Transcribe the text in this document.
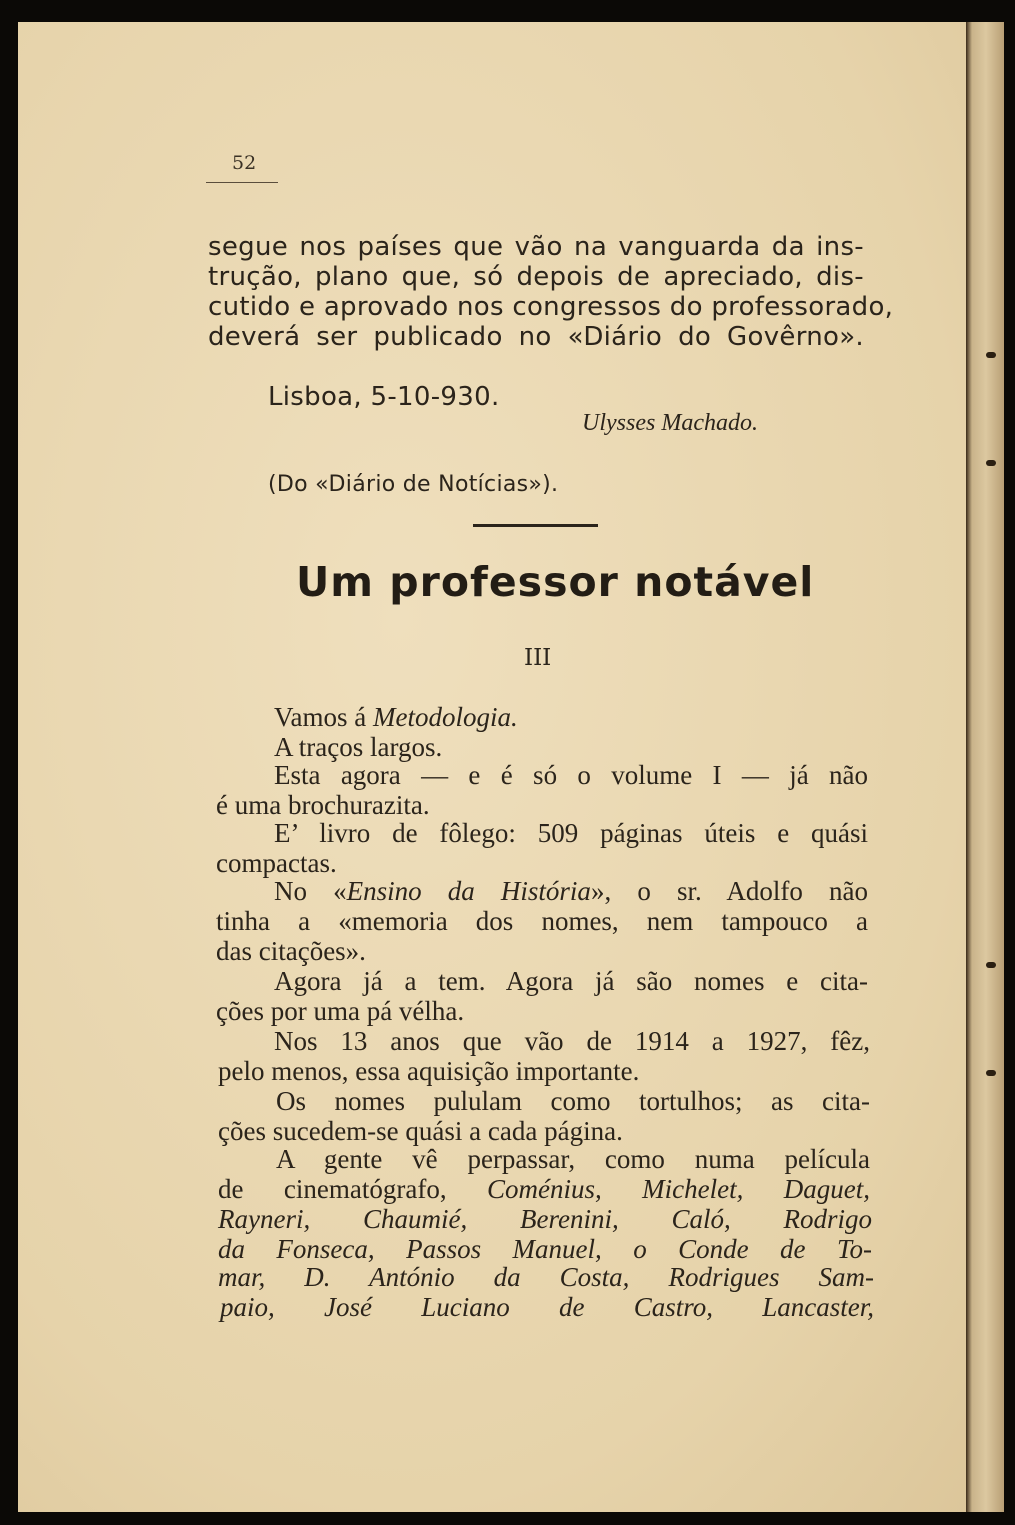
52
segue nos países que vão na vanguarda da ins-
trução, plano que, só depois de apreciado, dis-
cutido e aprovado nos congressos do professorado,
deverá ser publicado no «Diário do Govêrno».
Lisboa, 5-10-930.
Ulysses Machado.
(Do «Diário de Notícias»).
Um professor notável
III
Vamos á Metodologia.
A traços largos.
Esta agora — e é só o volume I — já não
é uma brochurazita.
E’ livro de fôlego: 509 páginas úteis e quási
compactas.
No «Ensino da História», o sr. Adolfo não
tinha a «memoria dos nomes, nem tampouco a
das citações».
Agora já a tem. Agora já são nomes e cita-
ções por uma pá vélha.
Nos 13 anos que vão de 1914 a 1927, fêz,
pelo menos, essa aquisição importante.
Os nomes pululam como tortulhos; as cita-
ções sucedem-se quási a cada página.
A gente vê perpassar, como numa película
de cinematógrafo, Coménius, Michelet, Daguet,
Rayneri, Chaumié, Berenini, Caló, Rodrigo
da Fonseca, Passos Manuel, o Conde de To-
mar, D. António da Costa, Rodrigues Sam-
paio, José Luciano de Castro, Lancaster,
